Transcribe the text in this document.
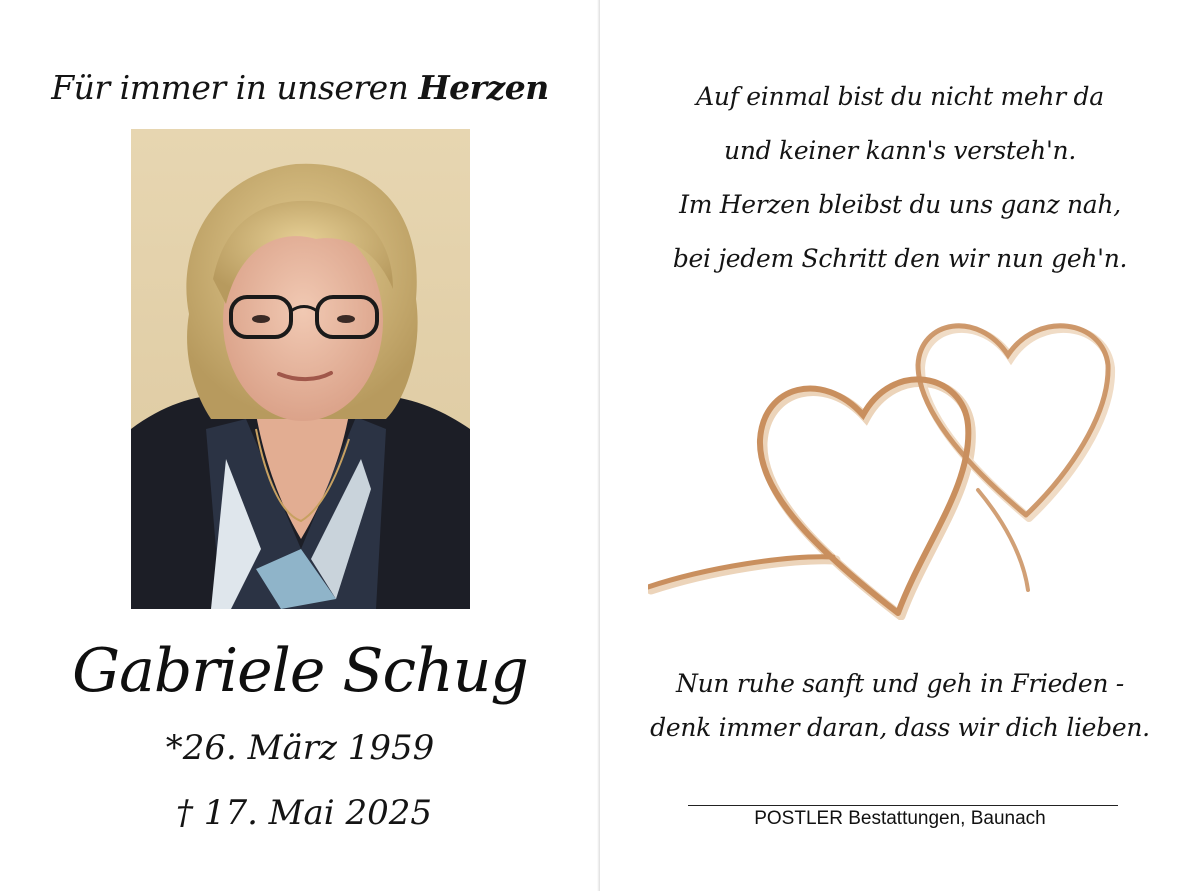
Für immer in unseren Herzen
Gabriele Schug
*26. März 1959
† 17. Mai 2025
Auf einmal bist du nicht mehr da
und keiner kann's versteh'n.
Im Herzen bleibst du uns ganz nah,
bei jedem Schritt den wir nun geh'n.
Nun ruhe sanft und geh in Frieden -
denk immer daran, dass wir dich lieben.
POSTLER Bestattungen, Baunach
